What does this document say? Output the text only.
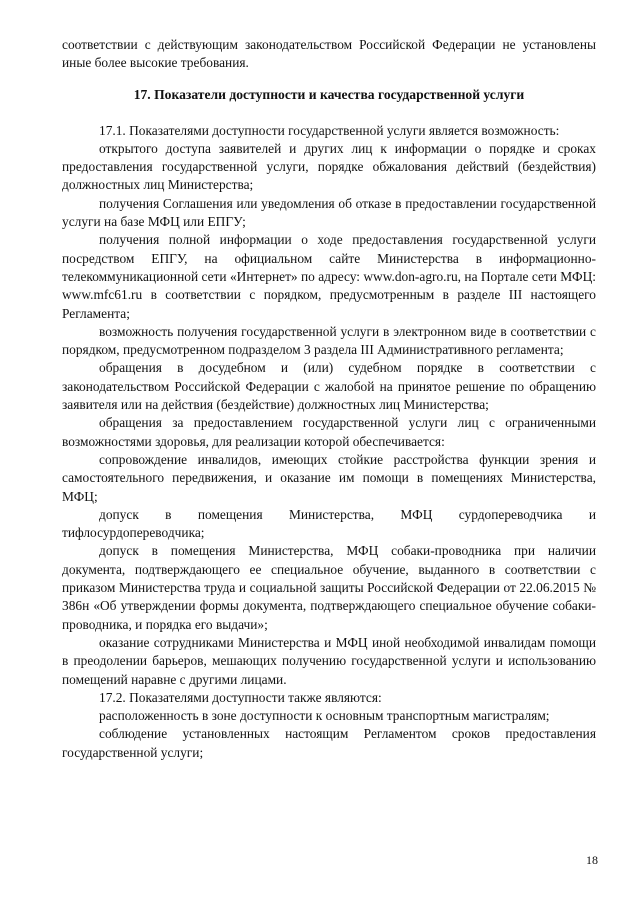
соответствии с действующим законодательством Российской Федерации не установлены иные более высокие требования.

17. Показатели доступности и качества государственной услуги

17.1. Показателями доступности государственной услуги является возможность:

открытого доступа заявителей и других лиц к информации о порядке и сроках предоставления государственной услуги, порядке обжалования действий (бездействия) должностных лиц Министерства;

получения Соглашения или уведомления об отказе в предоставлении государственной услуги на базе МФЦ или ЕПГУ;

получения полной информации о ходе предоставления государственной услуги посредством ЕПГУ, на официальном сайте Министерства в информационно-телекоммуникационной сети «Интернет» по адресу: www.don-agro.ru, на Портале сети МФЦ: www.mfc61.ru в соответствии с порядком, предусмотренным в разделе III настоящего Регламента;

возможность получения государственной услуги в электронном виде в соответствии с порядком, предусмотренном подразделом 3 раздела III Административного регламента;

обращения в досудебном и (или) судебном порядке в соответствии с законодательством Российской Федерации с жалобой на принятое решение по обращению заявителя или на действия (бездействие) должностных лиц Министерства;

обращения за предоставлением государственной услуги лиц с ограниченными возможностями здоровья, для реализации которой обеспечивается:

сопровождение инвалидов, имеющих стойкие расстройства функции зрения и самостоятельного передвижения, и оказание им помощи в помещениях Министерства, МФЦ;

допуск в помещения Министерства, МФЦ сурдопереводчика и тифлосурдопереводчика;

допуск в помещения Министерства, МФЦ собаки-проводника при наличии документа, подтверждающего ее специальное обучение, выданного в соответствии с приказом Министерства труда и социальной защиты Российской Федерации от 22.06.2015 № 386н «Об утверждении формы документа, подтверждающего специальное обучение собаки-проводника, и порядка его выдачи»;

оказание сотрудниками Министерства и МФЦ иной необходимой инвалидам помощи в преодолении барьеров, мешающих получению государственной услуги и использованию помещений наравне с другими лицами.

17.2. Показателями доступности также являются:

расположенность в зоне доступности к основным транспортным магистралям;

соблюдение установленных настоящим Регламентом сроков предоставления государственной услуги;

18
